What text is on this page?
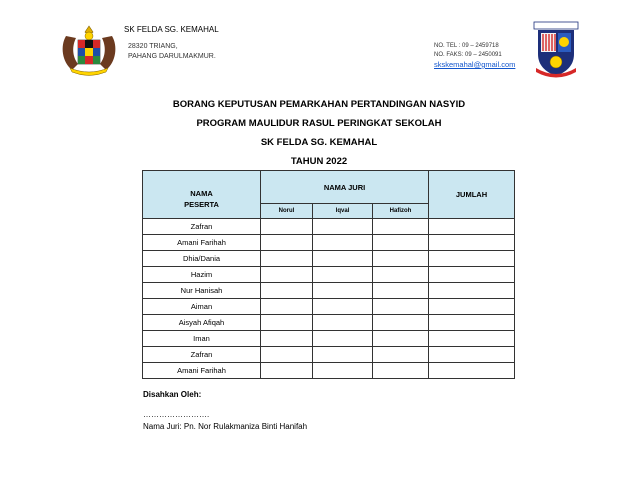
SK FELDA SG. KEMAHAL
28320 TRIANG,
PAHANG DARULMAKMUR.
NO. TEL : 09 – 2459718
NO. FAKS: 09 – 2450091
skskemahal@gmail.com
BORANG KEPUTUSAN PEMARKAHAN PERTANDINGAN NASYID
PROGRAM MAULIDUR RASUL PERINGKAT SEKOLAH
SK FELDA SG. KEMAHAL
TAHUN 2022
NAMA
PESERTA	NAMA JURI			JUMLAH
	Norul	Iqval	Hafizoh	
Zafran				
Amani Farihah				
Dhia/Dania				
Hazim				
Nur Hanisah				
Aiman				
Aisyah Afiqah				
Iman				
Zafran				
Amani Farihah				
Disahkan Oleh:
…………………….
Nama Juri: Pn. Nor Rulakmaniza Binti Hanifah
